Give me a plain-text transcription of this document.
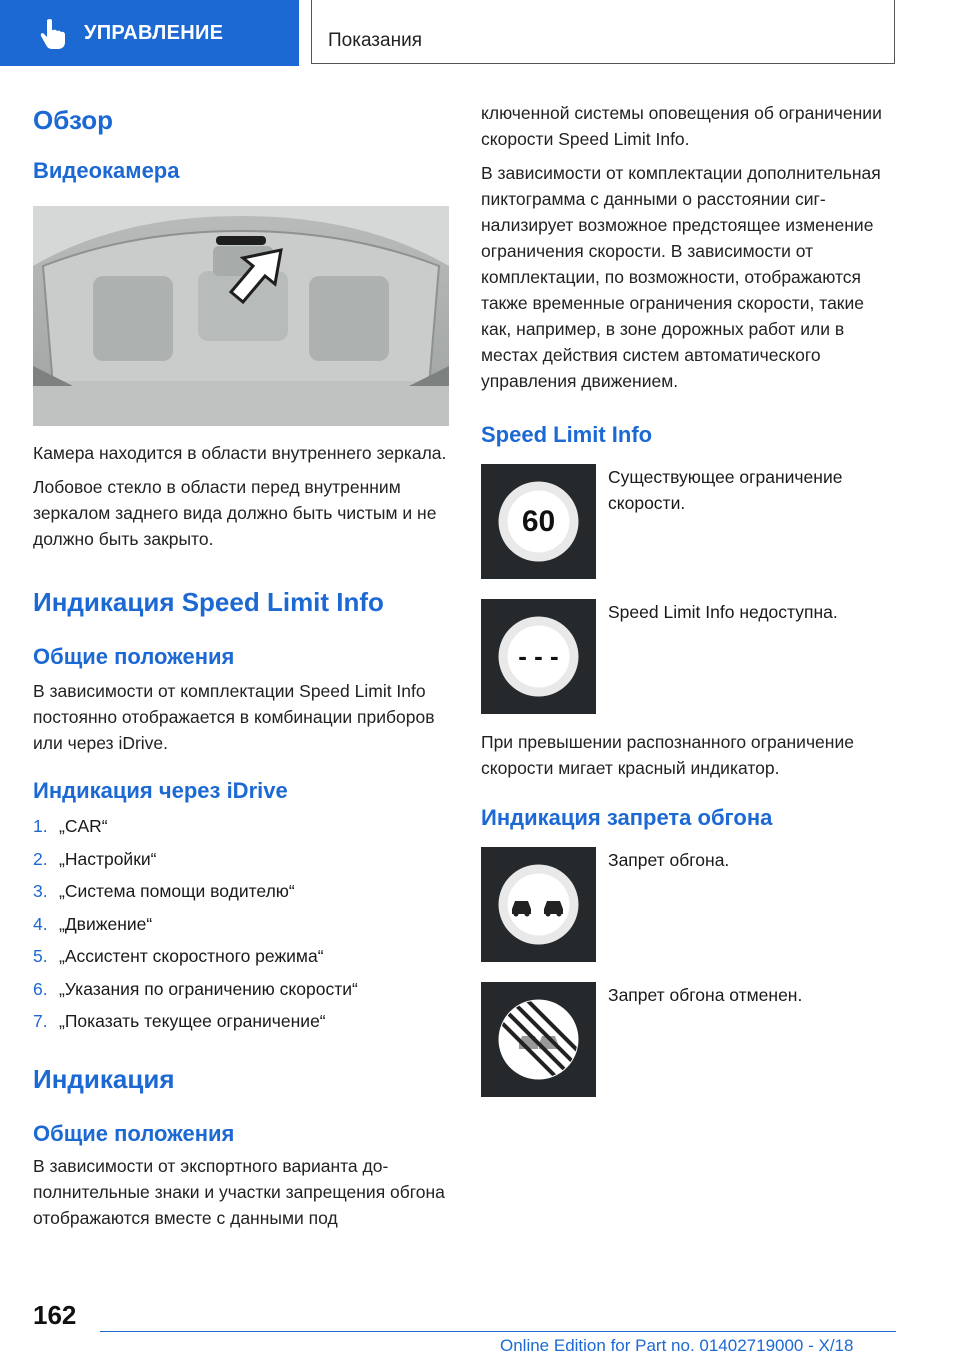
УПРАВЛЕНИЕ	Показания
Обзор
Видеокамера

Камера находится в области внутреннего зеркала.

Лобовое стекло в области перед внутренним зеркалом заднего вида должно быть чистым и не должно быть закрыто.

Индикация Speed Limit Info
Общие положения

В зависимости от комплектации Speed Limit Info постоянно отображается в комбинации приборов или через iDrive.

Индикация через iDrive
1. „CAR“
2. „Настройки“
3. „Система помощи водителю“
4. „Движение“
5. „Ассистент скоростного режима“
6. „Указания по ограничению скорости“
7. „Показать текущее ограничение“
Индикация
Общие положения

В зависимости от экспортного варианта дополнительные знаки и участки запрещения обгона отображаются вместе с данными под

ключенной системы оповещения об ограничении скорости Speed Limit Info.

В зависимости от комплектации дополнительная пиктограмма с данными о расстоянии сигнализирует возможное предстоящее изменение ограничения скорости. В зависимости от комплектации, по возможности, отображаются также временные ограничения скорости, такие как, например, в зоне дорожных работ или в местах действия систем автоматического управления движением.

Speed Limit Info
60
Существующее ограничение скорости.
- - -
Speed Limit Info недоступна.

При превышении распознанного ограничение скорости мигает красный индикатор.

Индикация запрета обгона
Запрет обгона.
Запрет обгона отменен.
162
Online Edition for Part no. 01402719000 - X/18
